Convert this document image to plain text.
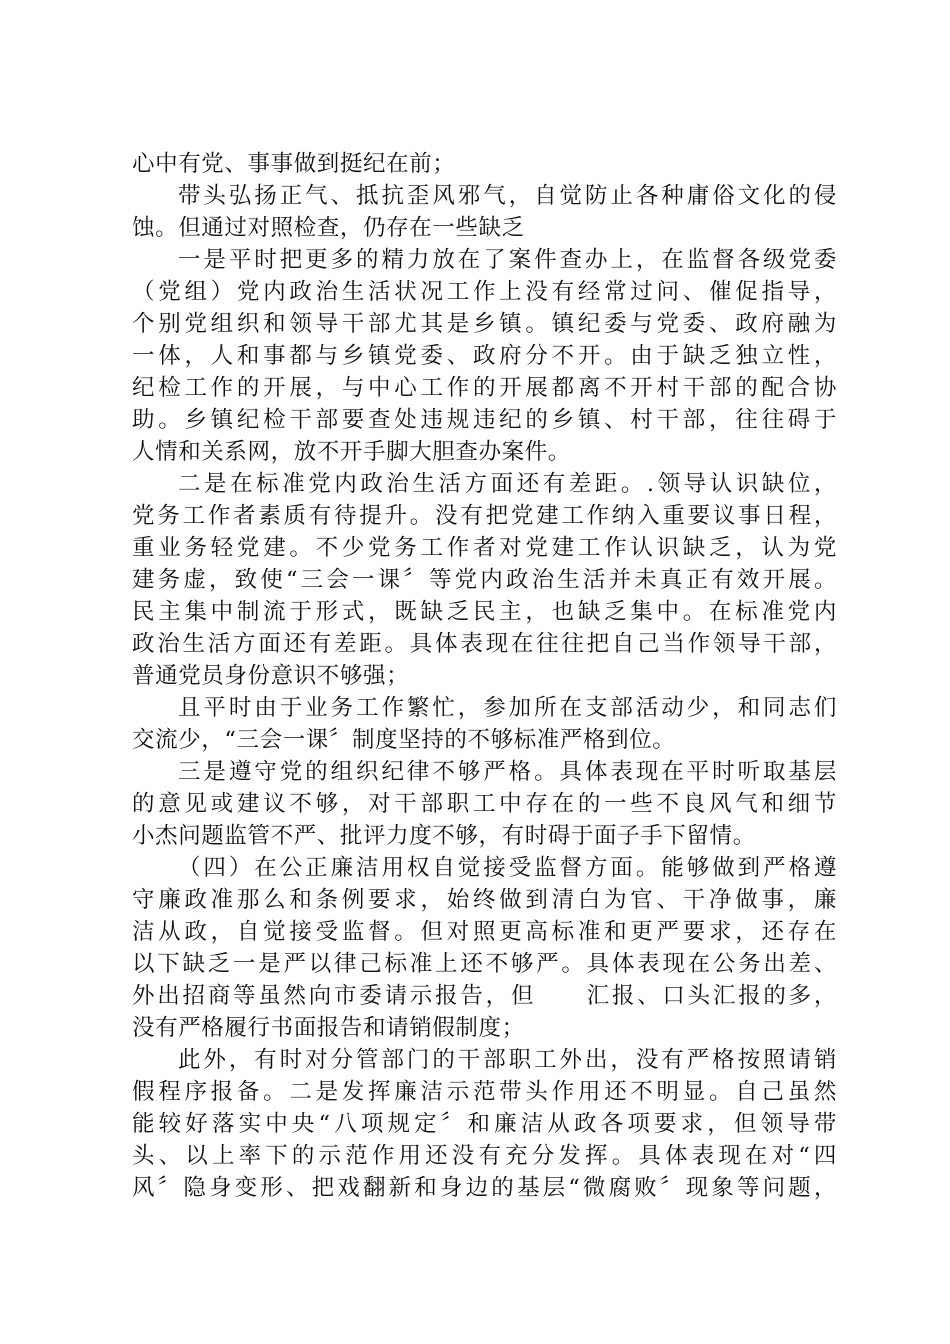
心中有党、事事做到挺纪在前；
带头弘扬正气、抵抗歪风邪气，自觉防止各种庸俗文化的侵
蚀。但通过对照检查，仍存在一些缺乏
一是平时把更多的精力放在了案件查办上，在监督各级党委
（党组）党内政治生活状况工作上没有经常过问、催促指导，
个别党组织和领导干部尤其是乡镇。镇纪委与党委、政府融为
一体，人和事都与乡镇党委、政府分不开。由于缺乏独立性，
纪检工作的开展，与中心工作的开展都离不开村干部的配合协
助。乡镇纪检干部要查处违规违纪的乡镇、村干部，往往碍于
人情和关系网，放不开手脚大胆查办案件。
二是在标准党内政治生活方面还有差距。.领导认识缺位，
党务工作者素质有待提升。没有把党建工作纳入重要议事日程，
重业务轻党建。不少党务工作者对党建工作认识缺乏，认为党
建务虚，致使“三会一课〞等党内政治生活并未真正有效开展。
民主集中制流于形式，既缺乏民主，也缺乏集中。在标准党内
政治生活方面还有差距。具体表现在往往把自己当作领导干部，
普通党员身份意识不够强；
且平时由于业务工作繁忙，参加所在支部活动少，和同志们
交流少，“三会一课〞制度坚持的不够标准严格到位。
三是遵守党的组织纪律不够严格。具体表现在平时听取基层
的意见或建议不够，对干部职工中存在的一些不良风气和细节
小杰问题监管不严、批评力度不够，有时碍于面子手下留情。
（四）在公正廉洁用权自觉接受监督方面。能够做到严格遵
守廉政准那么和条例要求，始终做到清白为官、干净做事，廉
洁从政，自觉接受监督。但对照更高标准和更严要求，还存在
以下缺乏一是严以律己标准上还不够严。具体表现在公务出差、
外出招商等虽然向市委请示报告，但　　汇报、口头汇报的多，
没有严格履行书面报告和请销假制度；
此外，有时对分管部门的干部职工外出，没有严格按照请销
假程序报备。二是发挥廉洁示范带头作用还不明显。自己虽然
能较好落实中央“八项规定〞和廉洁从政各项要求，但领导带
头、以上率下的示范作用还没有充分发挥。具体表现在对“四
风〞隐身变形、把戏翻新和身边的基层“微腐败〞现象等问题，
